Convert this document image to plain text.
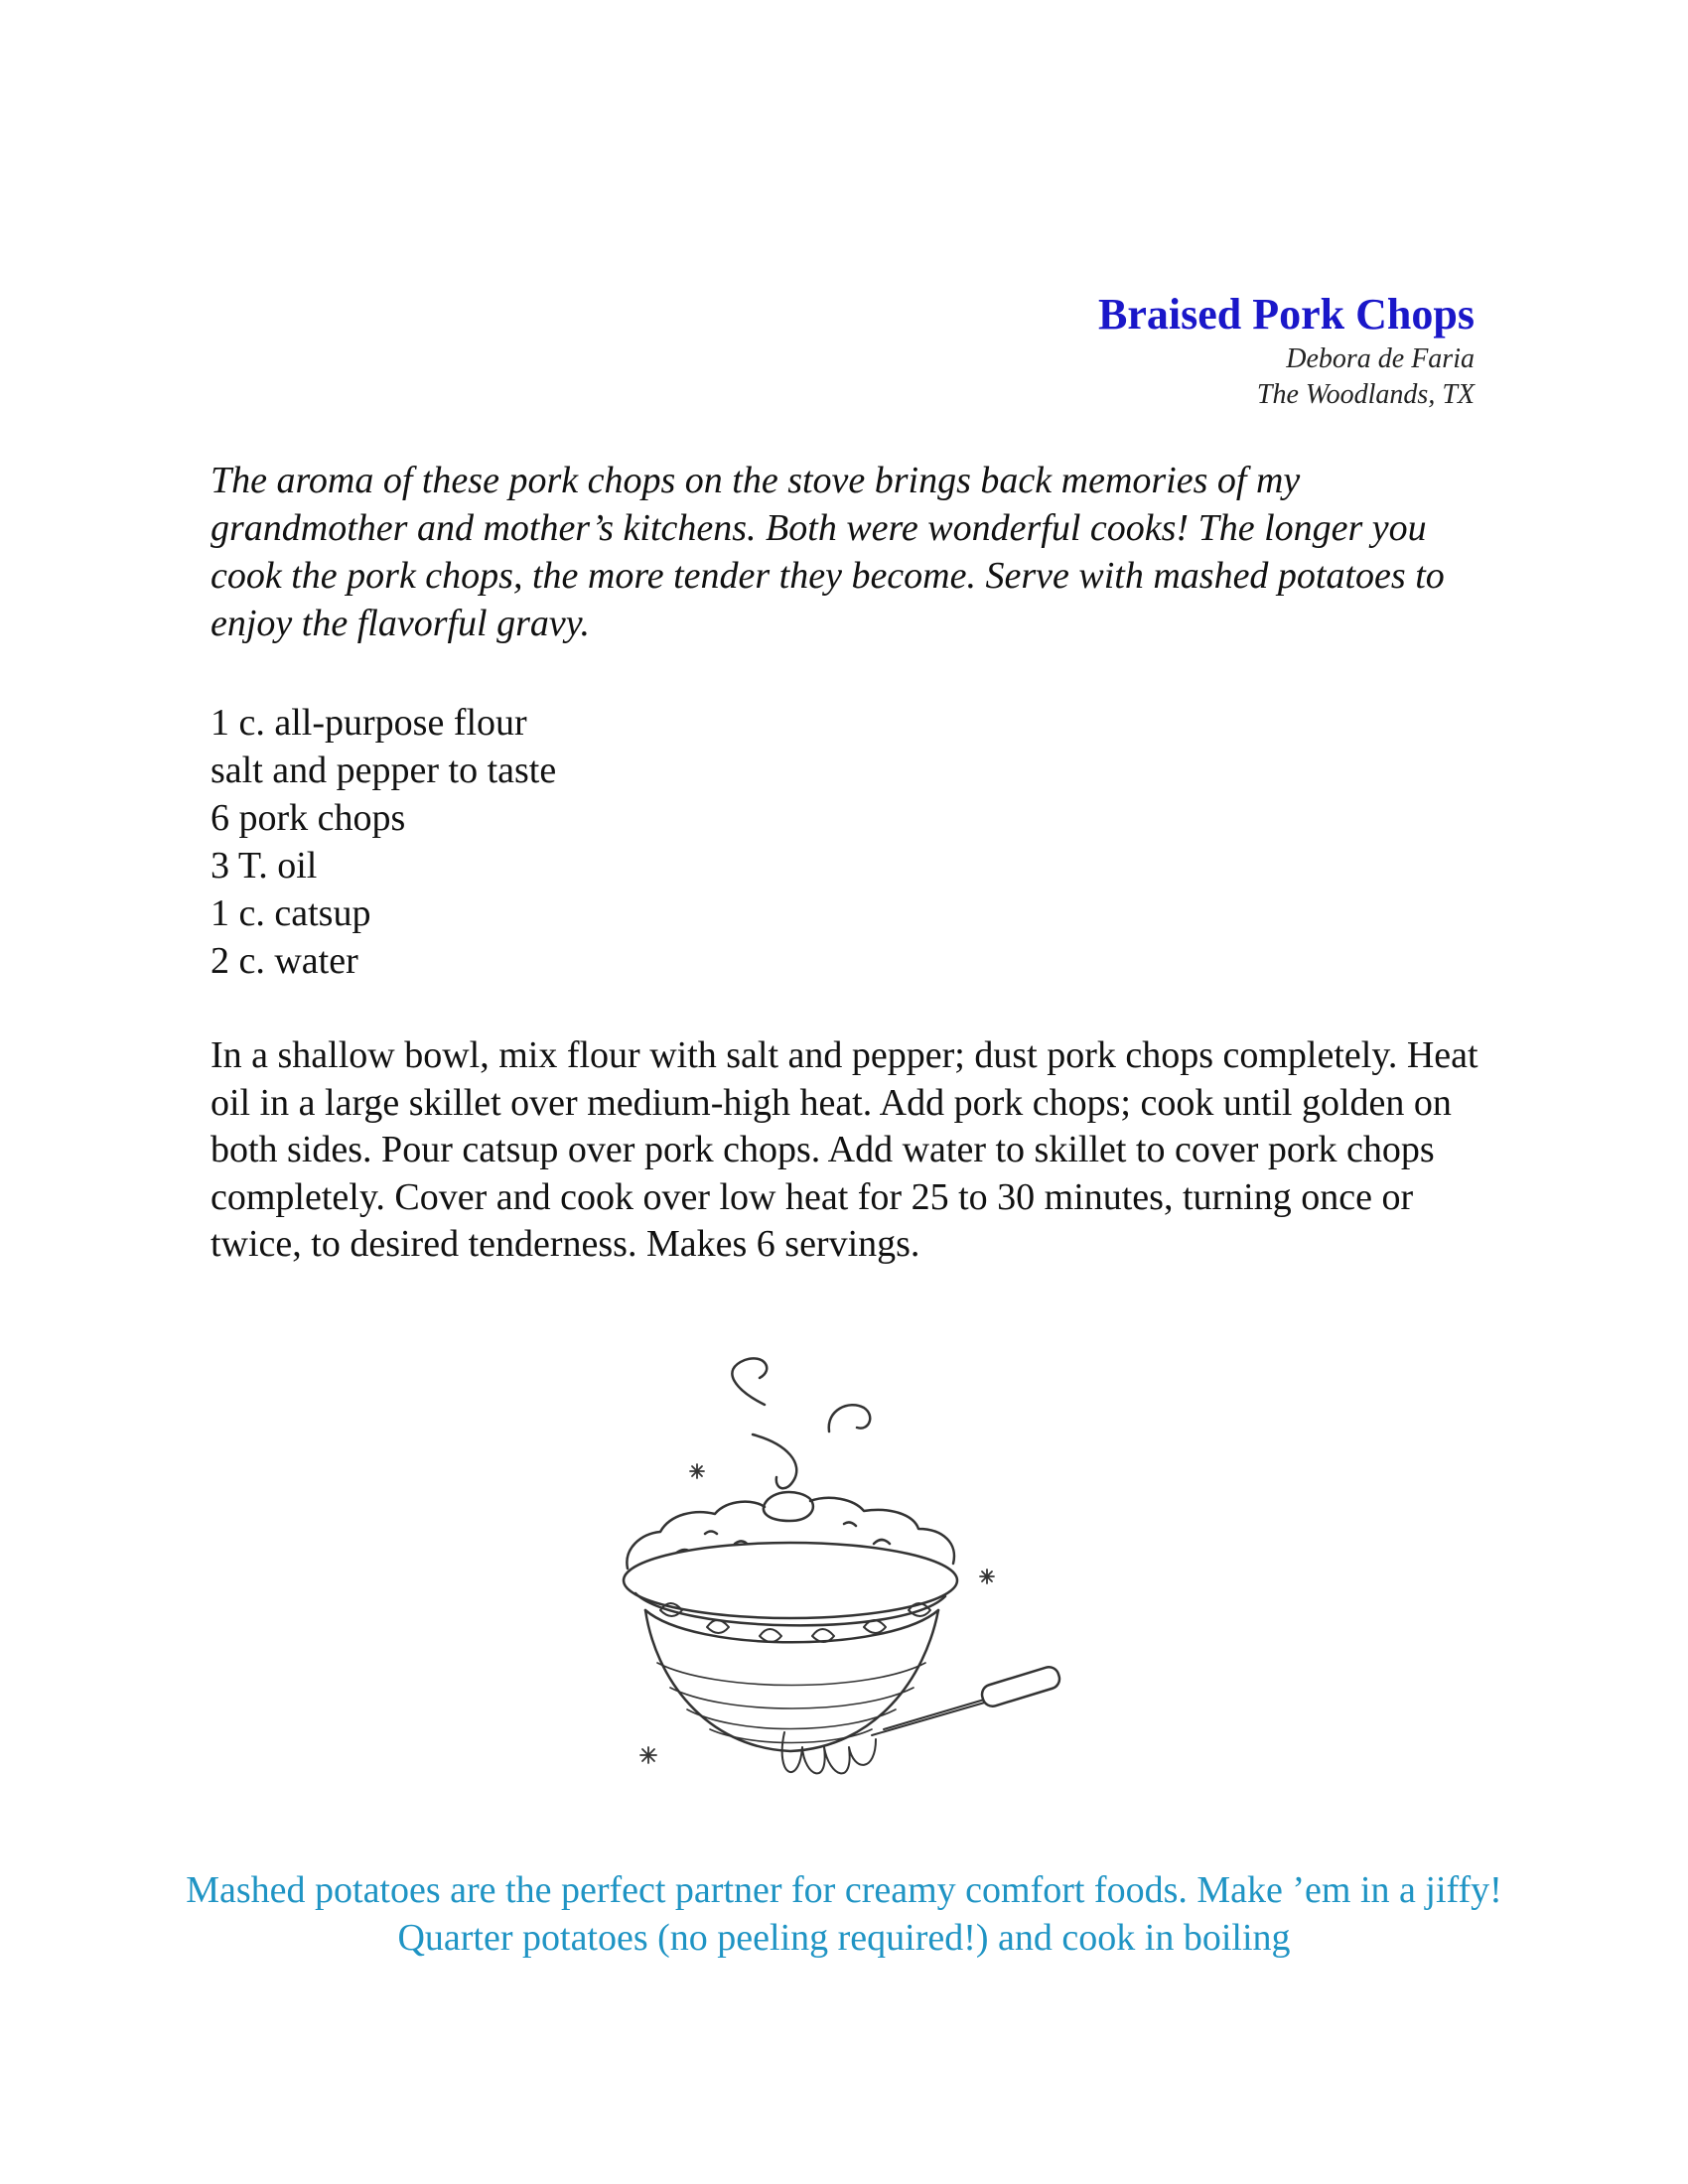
Braised Pork Chops
Debora de Faria
The Woodlands, TX

The aroma of these pork chops on the stove brings back memories of my grandmother and mother’s kitchens. Both were wonderful cooks! The longer you cook the pork chops, the more tender they become. Serve with mashed potatoes to enjoy the flavorful gravy.

1 c. all-purpose flour
salt and pepper to taste
6 pork chops
3 T. oil
1 c. catsup
2 c. water

In a shallow bowl, mix flour with salt and pepper; dust pork chops completely. Heat oil in a large skillet over medium-high heat. Add pork chops; cook until golden on both sides. Pour catsup over pork chops. Add water to skillet to cover pork chops completely. Cover and cook over low heat for 25 to 30 minutes, turning once or twice, to desired tenderness. Makes 6 servings.

Mashed potatoes are the perfect partner for creamy comfort foods. Make ’em in a jiffy! Quarter potatoes (no peeling required!) and cook in boiling
